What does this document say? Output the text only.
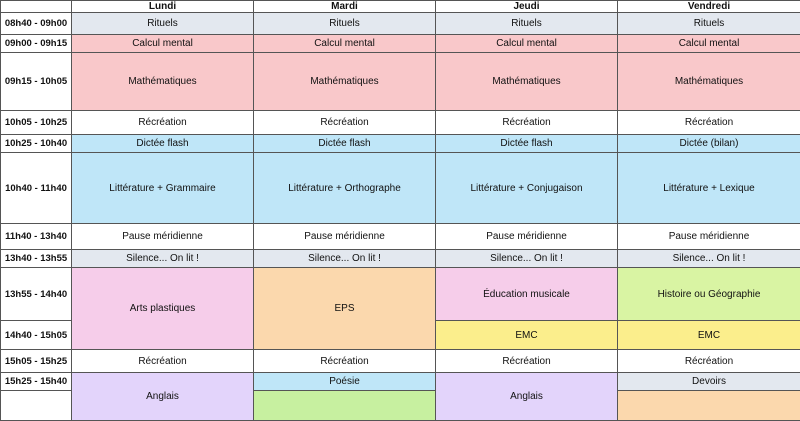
	Lundi	Mardi	Jeudi	Vendredi
08h40 - 09h00	Rituels	Rituels	Rituels	Rituels
09h00 - 09h15	Calcul mental	Calcul mental	Calcul mental	Calcul mental
09h15 - 10h05	Mathématiques	Mathématiques	Mathématiques	Mathématiques
10h05 - 10h25	Récréation	Récréation	Récréation	Récréation
10h25 - 10h40	Dictée flash	Dictée flash	Dictée flash	Dictée (bilan)
10h40 - 11h40	Littérature + Grammaire	Littérature + Orthographe	Littérature + Conjugaison	Littérature + Lexique
11h40 - 13h40	Pause méridienne	Pause méridienne	Pause méridienne	Pause méridienne
13h40 - 13h55	Silence... On lit !	Silence... On lit !	Silence... On lit !	Silence... On lit !
13h55 - 14h40	Arts plastiques	EPS	Éducation musicale	Histoire ou Géographie
14h40 - 15h05			EMC	EMC
15h05 - 15h25	Récréation	Récréation	Récréation	Récréation
15h25 - 15h40	Anglais	Poésie	Anglais	Devoirs
